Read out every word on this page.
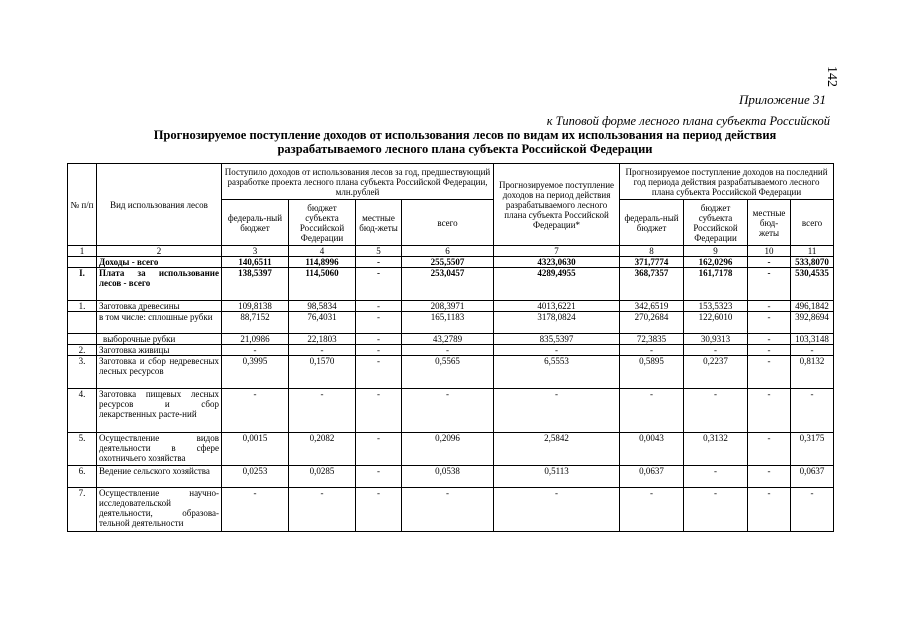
142
Приложение 31
к Типовой форме лесного плана субъекта Российской
Прогнозируемое поступление доходов от использования лесов по видам их использования на период действия
разрабатываемого лесного плана субъекта Российской Федерации
№ п/п	Вид использования лесов	Поступило доходов от использования лесов за год, предшествующий разработке проекта лесного плана субъекта Российской Федерации, млн.рублей				Прогнозируемое поступление доходов на период действия разрабатываемого лесного плана субъекта Российской Федерации*	Прогнозируемое поступление доходов на последний год периода действия разрабатываемого лесного плана субъекта Российской Федерации			
		федераль-ный бюджет	бюджет субъекта Российской Федерации	местные бюд-жеты	всего		федераль-ный бюджет	бюджет субъекта Российской Федерации	местные бюд-жеты	всего
1	2	3	4	5	6	7	8	9	10	11
	Доходы - всего	140,6511	114,8996	-	255,5507	4323,0630	371,7774	162,0296	-	533,8070
I.	Плата за использование лесов - всего	138,5397	114,5060	-	253,0457	4289,4955	368,7357	161,7178	-	530,4535
1.	Заготовка древесины	109,8138	98,5834	-	208,3971	4013,6221	342,6519	153,5323	-	496,1842
	в том числе: сплошные рубки	88,7152	76,4031	-	165,1183	3178,0824	270,2684	122,6010	-	392,8694
	выборочные рубки	21,0986	22,1803	-	43,2789	835,5397	72,3835	30,9313	-	103,3148
2.	Заготовка живицы	-	-	-	-	-	-	-	-	-
3.	Заготовка и сбор недревесных лесных ресурсов	0,3995	0,1570	-	0,5565	6,5553	0,5895	0,2237	-	0,8132
4.	Заготовка пищевых лесных ресурсов и сбор лекарственных расте-ний	-	-	-	-	-	-	-	-	-
5.	Осуществление видов деятельности в сфере охотничьего хозяйства	0,0015	0,2082	-	0,2096	2,5842	0,0043	0,3132	-	0,3175
6.	Ведение сельского хозяйства	0,0253	0,0285	-	0,0538	0,5113	0,0637	-	-	0,0637
7.	Осуществление научно-исследовательской деятельности, образова-тельной деятельности	-	-	-	-	-	-	-	-	-
